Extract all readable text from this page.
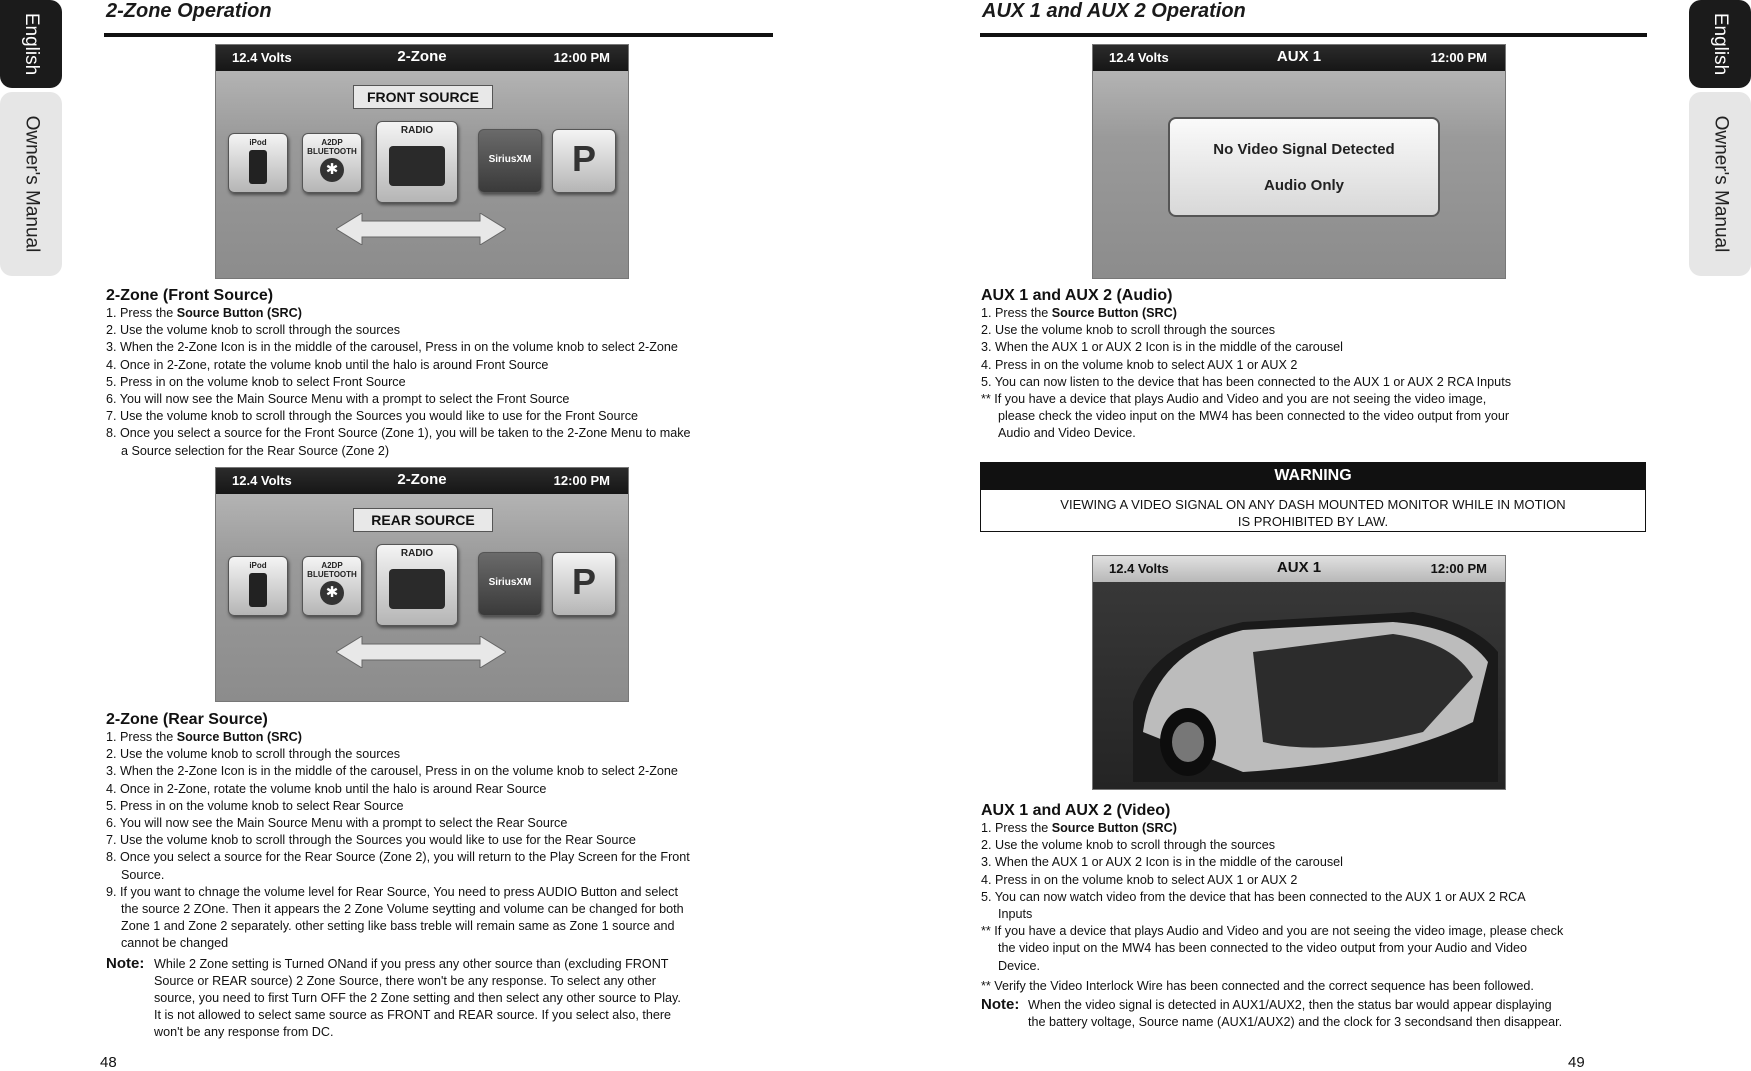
English
Owner's Manual
English
Owner's Manual
2-Zone Operation
12.4 Volts	2-Zone	12:00 PM
FRONT SOURCE
iPod	A2DP BLUETOOTH
✱
RADIO
SiriusXM	P
2-Zone (Front Source)
1. Press the Source Button (SRC)
2. Use the volume knob to scroll through the sources
3. When the 2-Zone Icon is in the middle of the carousel, Press in on the volume knob to select 2-Zone
4. Once in 2-Zone, rotate the volume knob until the halo is around Front Source
5. Press in on the volume knob to select Front Source
6. You will now see the Main Source Menu with a prompt to select the Front Source
7. Use the volume knob to scroll through the Sources you would like to use for the Front Source
8. Once you select a source for the Front Source (Zone 1), you will be taken to the 2-Zone Menu to make
a Source selection for the Rear Source (Zone 2)
12.4 Volts	2-Zone	12:00 PM
REAR SOURCE
iPod	A2DP BLUETOOTH
✱
RADIO
SiriusXM	P
2-Zone (Rear Source)
1. Press the Source Button (SRC)
2. Use the volume knob to scroll through the sources
3. When the 2-Zone Icon is in the middle of the carousel, Press in on the volume knob to select 2-Zone
4. Once in 2-Zone, rotate the volume knob until the halo is around Rear Source
5. Press in on the volume knob to select Rear Source
6. You will now see the Main Source Menu with a prompt to select the Rear Source
7. Use the volume knob to scroll through the Sources you would like to use for the Rear Source
8. Once you select a source for the Rear Source (Zone 2), you will return to the Play Screen for the Front
Source.
9. If you want to chnage the volume level for Rear Source, You need to press AUDIO Button and select
the source 2 ZOne. Then it appears the 2 Zone Volume seytting and volume can be changed for both
Zone 1 and Zone 2 separately. other setting like bass treble will remain same as Zone 1 source and
cannot be changed
Note: While 2 Zone setting is Turned ONand if you press any other source than (excluding FRONT
Source or REAR source) 2 Zone Source, there won't be any response. To select any other
source, you need to first Turn OFF the 2 Zone setting and then select any other source to Play.
It is not allowed to select same source as FRONT and REAR source. If you select also, there
won't be any response from DC.
48
AUX 1 and AUX 2 Operation
12.4 Volts	AUX 1	12:00 PM
No Video Signal Detected
Audio Only
AUX 1 and AUX 2 (Audio)
1. Press the Source Button (SRC)
2. Use the volume knob to scroll through the sources
3. When the AUX 1 or AUX 2 Icon is in the middle of the carousel
4. Press in on the volume knob to select AUX 1 or AUX 2
5. You can now listen to the device that has been connected to the AUX 1 or AUX 2 RCA Inputs
** If you have a device that plays Audio and Video and you are not seeing the video image,
please check the video input on the MW4 has been connected to the video output from your
Audio and Video Device.
WARNING
VIEWING A VIDEO SIGNAL ON ANY DASH MOUNTED MONITOR WHILE IN MOTION
IS PROHIBITED BY LAW.
12.4 Volts	AUX 1	12:00 PM
AUX 1 and AUX 2 (Video)
1. Press the Source Button (SRC)
2. Use the volume knob to scroll through the sources
3. When the AUX 1 or AUX 2 Icon is in the middle of the carousel
4. Press in on the volume knob to select AUX 1 or AUX 2
5. You can now watch video from the device that has been connected to the AUX 1 or AUX 2 RCA
Inputs
** If you have a device that plays Audio and Video and you are not seeing the video image, please check
the video input on the MW4 has been connected to the video output from your Audio and Video
Device.
** Verify the Video Interlock Wire has been connected and the correct sequence has been followed.
Note: When the video signal is detected in AUX1/AUX2, then the status bar would appear displaying
the battery voltage, Source name (AUX1/AUX2) and the clock for 3 secondsand then disappear.
49
